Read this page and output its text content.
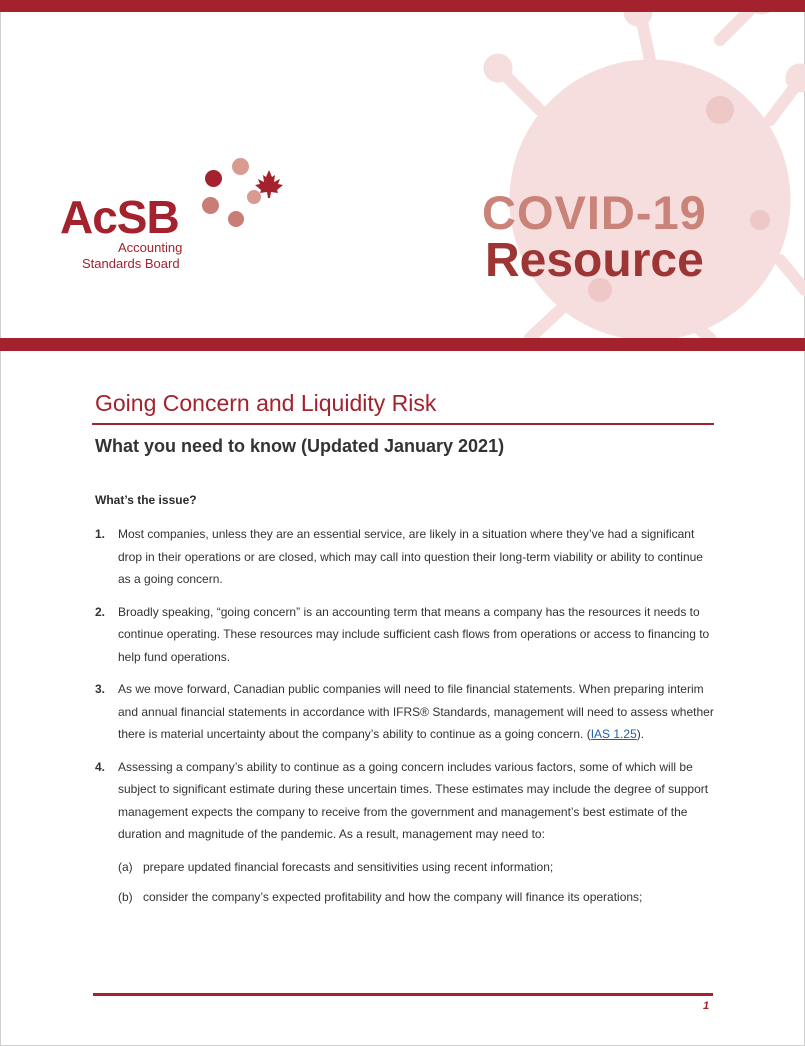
AcSB
Accounting
Standards Board
COVID-19
Resource
Going Concern and Liquidity Risk
What you need to know (Updated January 2021)
What’s the issue?
1. Most companies, unless they are an essential service, are likely in a situation where they’ve had a significant drop in their operations or are closed, which may call into question their long-term viability or ability to continue as a going concern.
2. Broadly speaking, “going concern” is an accounting term that means a company has the resources it needs to continue operating. These resources may include sufficient cash flows from operations or access to financing to help fund operations.
3. As we move forward, Canadian public companies will need to file financial statements. When preparing interim and annual financial statements in accordance with IFRS® Standards, management will need to assess whether there is material uncertainty about the company’s ability to continue as a going concern. (IAS 1.25).
4. Assessing a company’s ability to continue as a going concern includes various factors, some of which will be subject to significant estimate during these uncertain times. These estimates may include the degree of support management expects the company to receive from the government and management’s best estimate of the duration and magnitude of the pandemic. As a result, management may need to:
(a) prepare updated financial forecasts and sensitivities using recent information;
(b) consider the company’s expected profitability and how the company will finance its operations;
1
